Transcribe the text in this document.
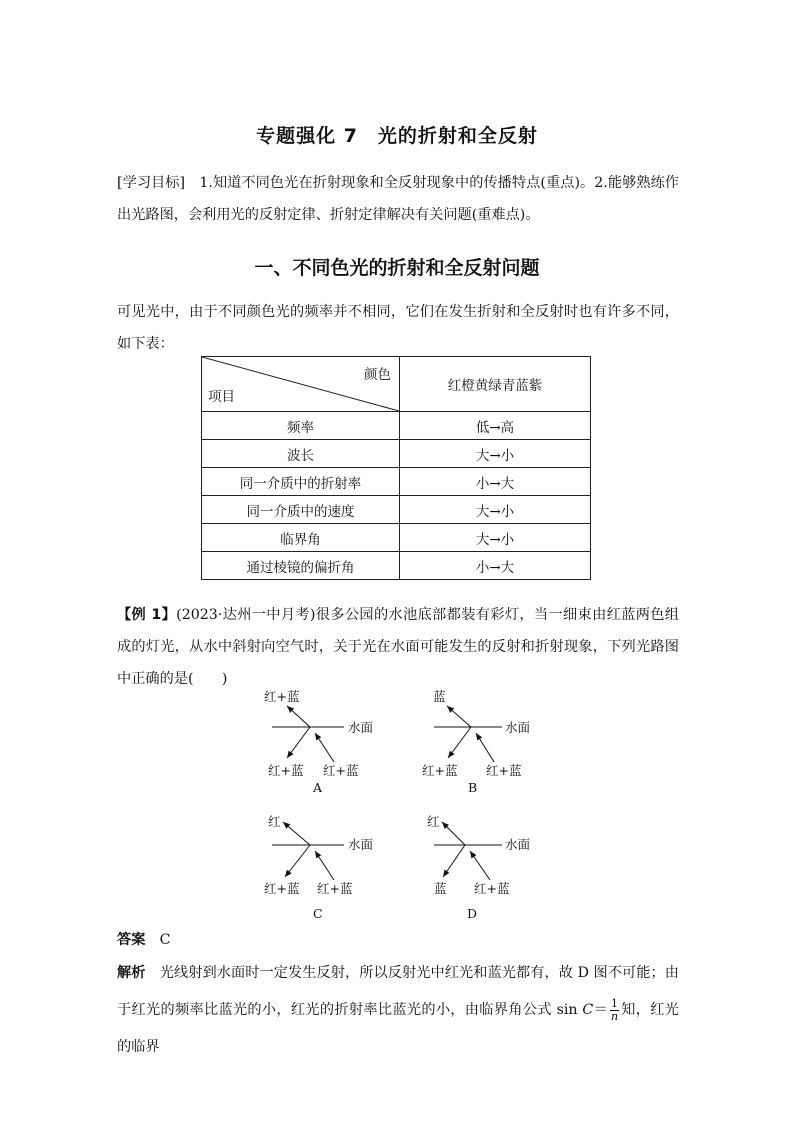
专题强化 7　光的折射和全反射
[学习目标]　1.知道不同色光在折射现象和全反射现象中的传播特点(重点)。2.能够熟练作出光路图，会利用光的反射定律、折射定律解决有关问题(重难点)。
一、不同色光的折射和全反射问题
可见光中，由于不同颜色光的频率并不相同，它们在发生折射和全反射时也有许多不同，如下表：
颜色
项目	红橙黄绿青蓝紫
频率	低→高
波长	大→小
同一介质中的折射率	小→大
同一介质中的速度	大→小
临界角	大→小
通过棱镜的偏折角	小→大
【例 1】(2023·达州一中月考)很多公园的水池底部都装有彩灯，当一细束由红蓝两色组成的灯光，从水中斜射向空气时，关于光在水面可能发生的反射和折射现象，下列光路图中正确的是(　　)
水面
红+蓝
红+蓝 红+蓝
A
水面
蓝
红+蓝 红+蓝
B
水面
红
红+蓝 红+蓝
C
水面
红
蓝 红+蓝
D
答案　 C
解析　光线射到水面时一定发生反射，所以反射光中红光和蓝光都有，故 D 图不可能；由于红光的频率比蓝光的小，红光的折射率比蓝光的小，由临界角公式 $\sin C= \frac{1}{n}$ 知，红光的临界
